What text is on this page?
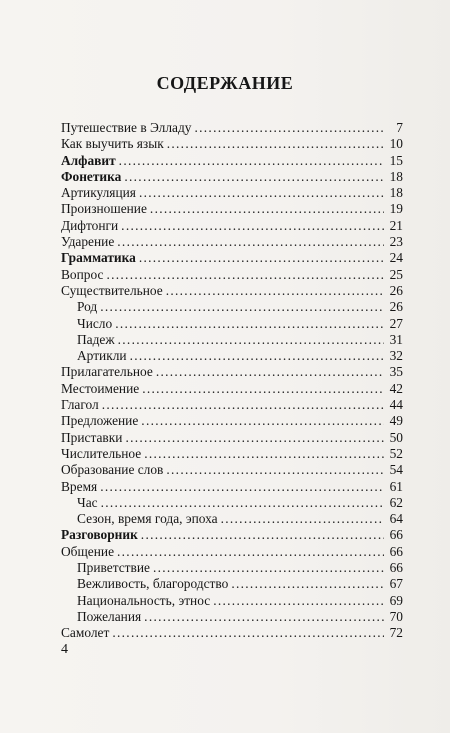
СОДЕРЖАНИЕ
Путешествие в Элладу .....	7
Как выучить язык .....	10
Алфавит .....	15
Фонетика .....	18
Артикуляция .....	18
Произношение .....	19
Дифтонги .....	21
Ударение .....	23
Грамматика .....	24
Вопрос .....	25
Существительное .....	26
Род .....	26
Число .....	27
Падеж .....	31
Артикли .....	32
Прилагательное .....	35
Местоимение .....	42
Глагол .....	44
Предложение .....	49
Приставки .....	50
Числительное .....	52
Образование слов .....	54
Время .....	61
Час .....	62
Сезон, время года, эпоха .....	64
Разговорник .....	66
Общение .....	66
Приветствие .....	66
Вежливость, благородство .....	67
Национальность, этнос .....	69
Пожелания .....	70
Самолет .....	72
4
